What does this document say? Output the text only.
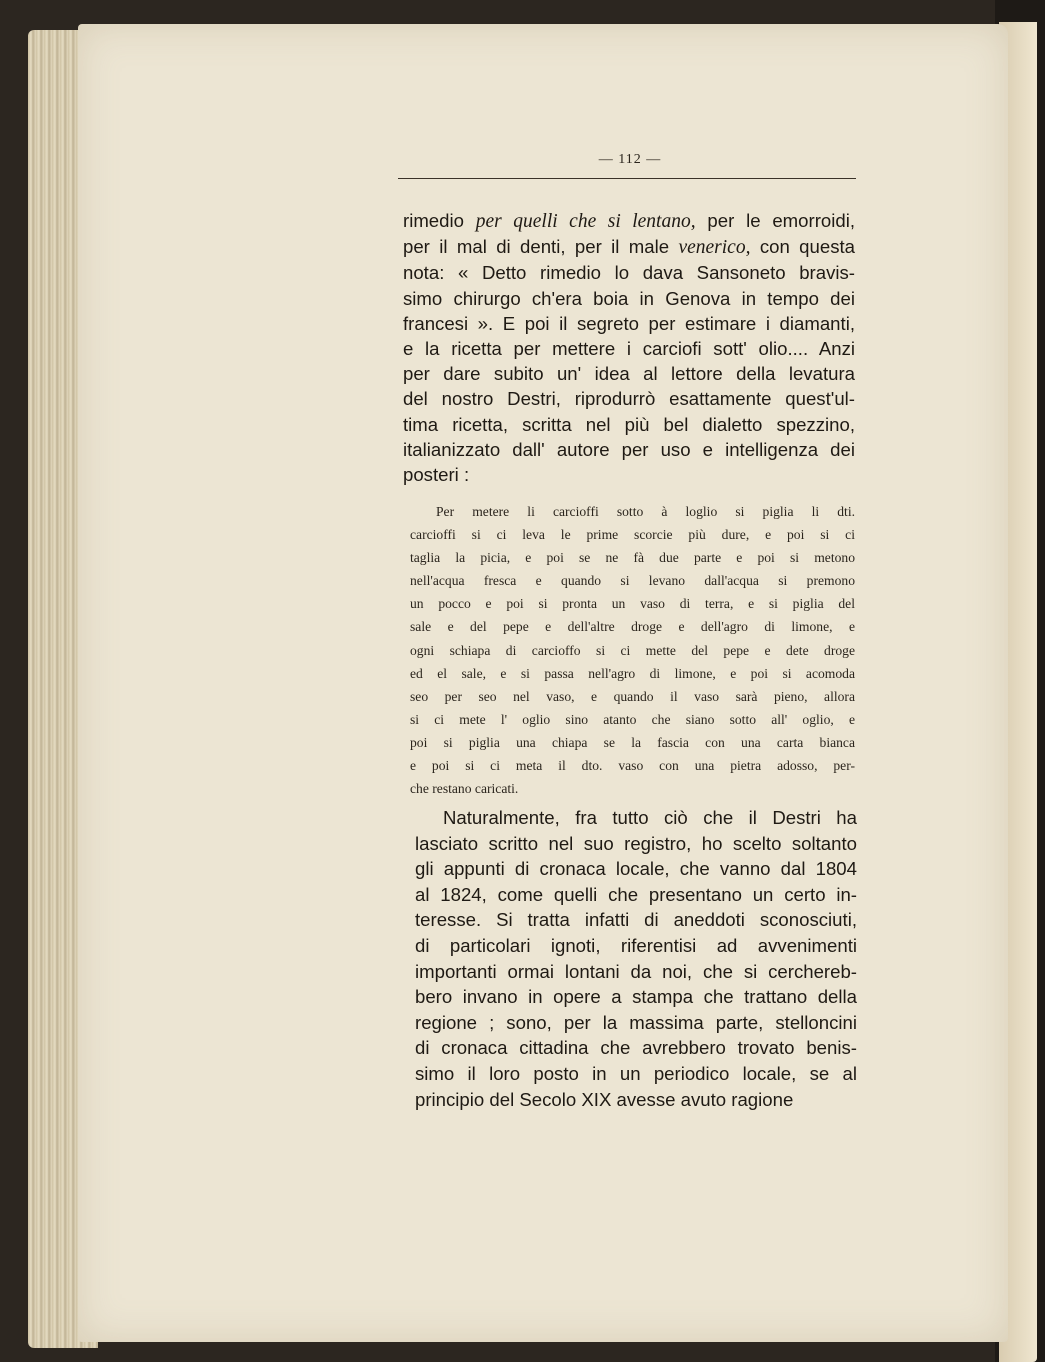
— 112 —
rimedio per quelli che si lentano, per le emorroidi,
per il mal di denti, per il male venerico, con questa
nota: « Detto rimedio lo dava Sansoneto bravis-
simo chirurgo ch'era boia in Genova in tempo dei
francesi ». E poi il segreto per estimare i diamanti,
e la ricetta per mettere i carciofi sott' olio.... Anzi
per dare subito un' idea al lettore della levatura
del nostro Destri, riprodurrò esattamente quest'ul-
tima ricetta, scritta nel più bel dialetto spezzino,
italianizzato dall' autore per uso e intelligenza dei
posteri :
Per metere li carcioffi sotto à loglio si piglia li dti.
carcioffi si ci leva le prime scorcie più dure, e poi si ci
taglia la picia, e poi se ne fà due parte e poi si metono
nell'acqua fresca e quando si levano dall'acqua si premono
un pocco e poi si pronta un vaso di terra, e si piglia del
sale e del pepe e dell'altre droge e dell'agro di limone, e
ogni schiapa di carcioffo si ci mette del pepe e dete droge
ed el sale, e si passa nell'agro di limone, e poi si acomoda
seo per seo nel vaso, e quando il vaso sarà pieno, allora
si ci mete l' oglio sino atanto che siano sotto all' oglio, e
poi si piglia una chiapa se la fascia con una carta bianca
e poi si ci meta il dto. vaso con una pietra adosso, per-
che restano caricati.
Naturalmente, fra tutto ciò che il Destri ha
lasciato scritto nel suo registro, ho scelto soltanto
gli appunti di cronaca locale, che vanno dal 1804
al 1824, come quelli che presentano un certo in-
teresse. Si tratta infatti di aneddoti sconosciuti,
di particolari ignoti, riferentisi ad avvenimenti
importanti ormai lontani da noi, che si cercherеb-
bero invano in opere a stampa che trattano della
regione ; sono, per la massima parte, stelloncini
di cronaca cittadina che avrebbero trovato benis-
simo il loro posto in un periodico locale, se al
principio del Secolo XIX avesse avuto ragione
